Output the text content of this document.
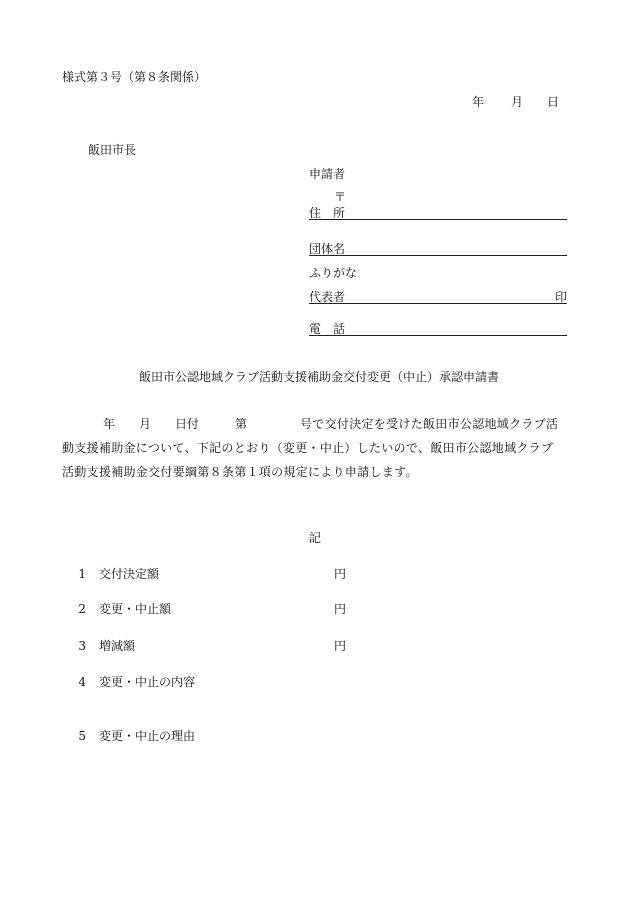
様式第３号（第８条関係）
年 月 日
飯田市長
申請者
〒
住　所
団体名
ふりがな
代表者	印
電　話
飯田市公認地域クラブ活動支援補助金交付変更（中止）承認申請書
年 月 日付	第	号で交付決定を受けた飯田市公認地域クラブ活
動支援補助金について、下記のとおり（変更・中止）したいので、飯田市公認地域クラブ
活動支援補助金交付要綱第８条第１項の規定により申請します。
記
1 交付決定額	円
2 変更・中止額	円
3 増減額	円
4 変更・中止の内容
5 変更・中止の理由
